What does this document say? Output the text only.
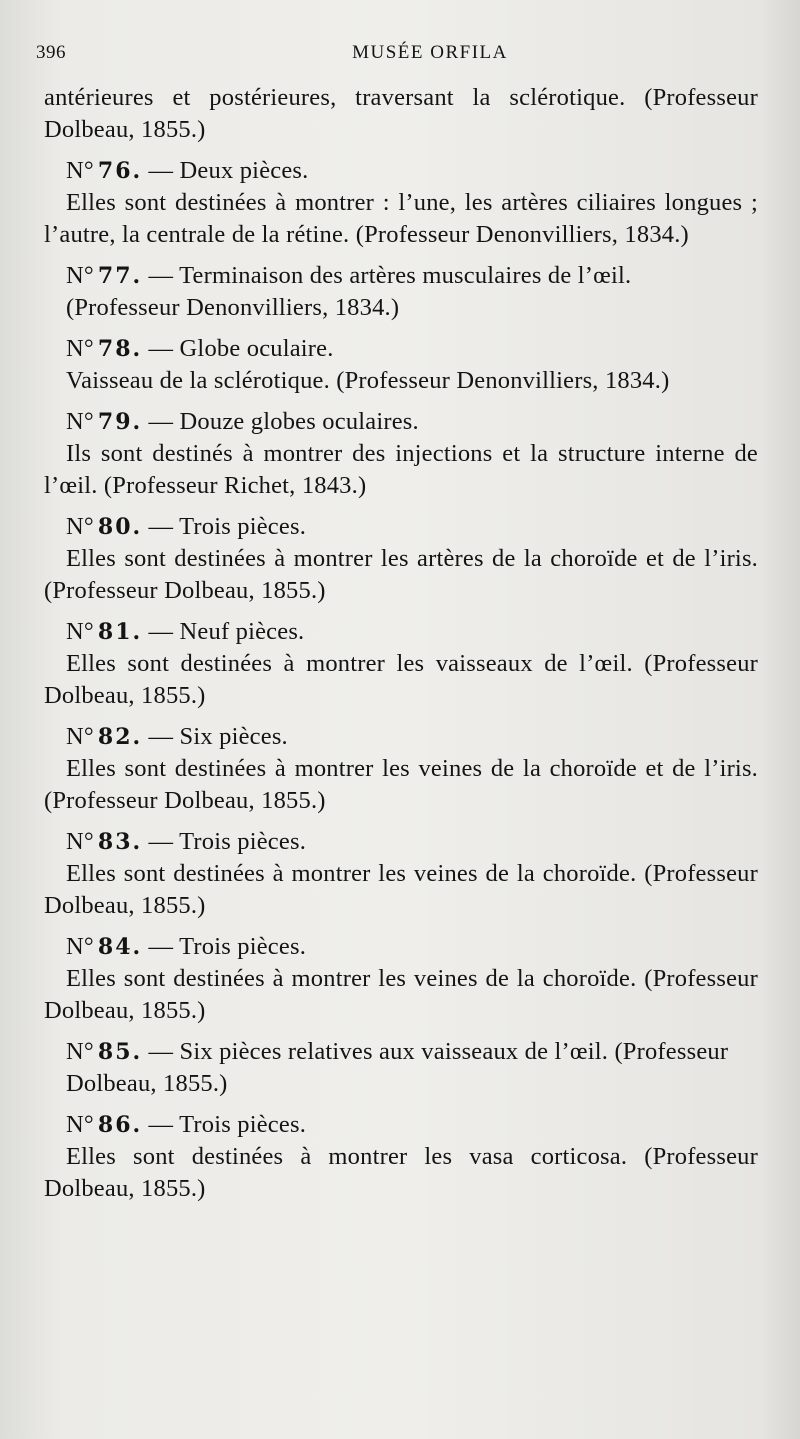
396	MUSÉE ORFILA
antérieures et postérieures, traversant la sclérotique. (Professeur Dolbeau, 1855.)
N° 76. — Deux pièces.
Elles sont destinées à montrer : l’une, les artères ciliaires longues ; l’autre, la centrale de la rétine. (Professeur Denonvilliers, 1834.)
N° 77. — Terminaison des artères musculaires de l’œil.
(Professeur Denonvilliers, 1834.)
N° 78. — Globe oculaire.
Vaisseau de la sclérotique. (Professeur Denonvilliers, 1834.)
N° 79. — Douze globes oculaires.
Ils sont destinés à montrer des injections et la structure interne de l’œil. (Professeur Richet, 1843.)
N° 80. — Trois pièces.
Elles sont destinées à montrer les artères de la choroïde et de l’iris. (Professeur Dolbeau, 1855.)
N° 81. — Neuf pièces.
Elles sont destinées à montrer les vaisseaux de l’œil. (Professeur Dolbeau, 1855.)
N° 82. — Six pièces.
Elles sont destinées à montrer les veines de la choroïde et de l’iris. (Professeur Dolbeau, 1855.)
N° 83. — Trois pièces.
Elles sont destinées à montrer les veines de la choroïde. (Professeur Dolbeau, 1855.)
N° 84. — Trois pièces.
Elles sont destinées à montrer les veines de la choroïde. (Professeur Dolbeau, 1855.)
N° 85. — Six pièces relatives aux vaisseaux de l’œil. (Professeur Dolbeau, 1855.)
N° 86. — Trois pièces.
Elles sont destinées à montrer les vasa corticosa. (Professeur Dolbeau, 1855.)
